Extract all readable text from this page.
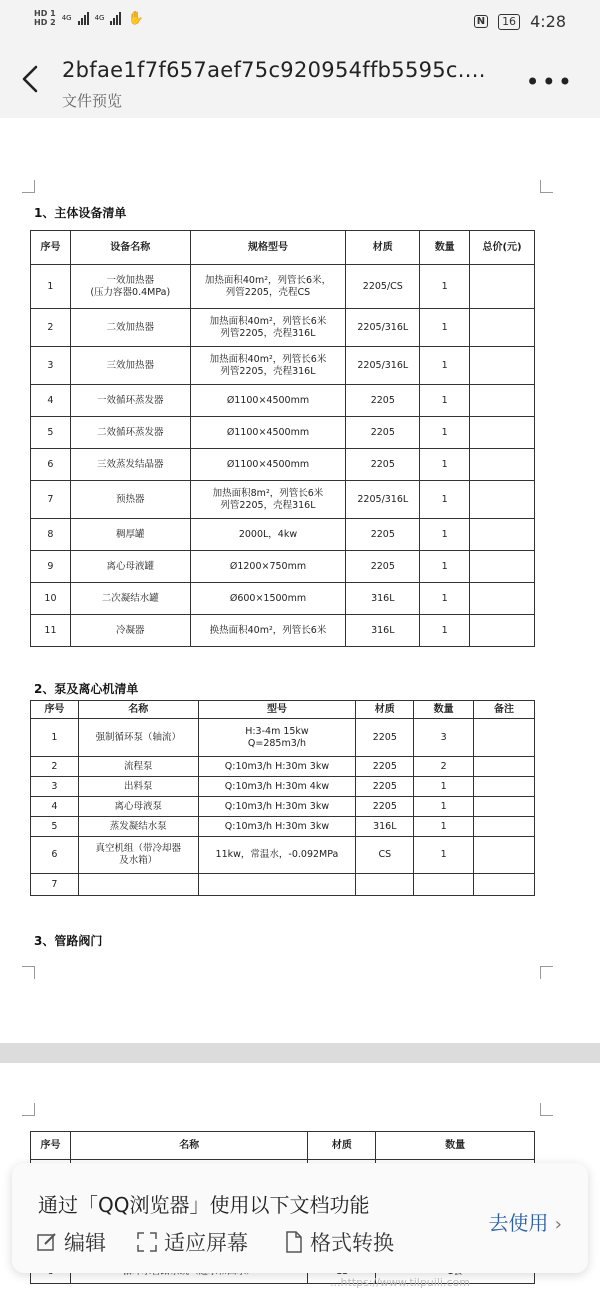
HD 1
HD 2 4G	4G ✋	N	16 4:28
2bfae1f7f657aef75c920954ffb5595c....
文件预览
•••
1、主体设备清单
序号	设备名称	规格型号	材质	数量	总价(元)
1	一效加热器
(压力容器0.4MPa)	加热面积40m²，列管长6米，
列管2205，壳程CS	2205/CS	1	
2	二效加热器	加热面积40m²，列管长6米
列管2205，壳程316L	2205/316L	1	
3	三效加热器	加热面积40m²，列管长6米
列管2205，壳程316L	2205/316L	1	
4	一效循环蒸发器	Ø1100×4500mm	2205	1	
5	二效循环蒸发器	Ø1100×4500mm	2205	1	
6	三效蒸发结晶器	Ø1100×4500mm	2205	1	
7	预热器	加热面积8m²，列管长6米
列管2205，壳程316L	2205/316L	1	
8	稠厚罐	2000L，4kw	2205	1	
9	离心母液罐	Ø1200×750mm	2205	1	
10	二次凝结水罐	Ø600×1500mm	316L	1	
11	冷凝器	换热面积40m²，列管长6米	316L	1	
2、泵及离心机清单
序号	名称	型号	材质	数量	备注
1	强制循环泵（轴流）	H:3-4m 15kw
Q=285m3/h	2205	3	
2	流程泵	Q:10m3/h H:30m 3kw	2205	2	
3	出料泵	Q:10m3/h H:30m 4kw	2205	1	
4	离心母液泵	Q:10m3/h H:30m 3kw	2205	1	
5	蒸发凝结水泵	Q:10m3/h H:30m 3kw	316L	1	
6	真空机组（带冷却器
及水箱）	11kw，常温水，-0.092MPa	CS	1	
7					
3、管路阀门
序号	名称	材质	数量

通过「QQ浏览器」使用以下文档功能
编辑	适应屏幕	格式转换
去使用 ›
...https://www.tilpuili.com
